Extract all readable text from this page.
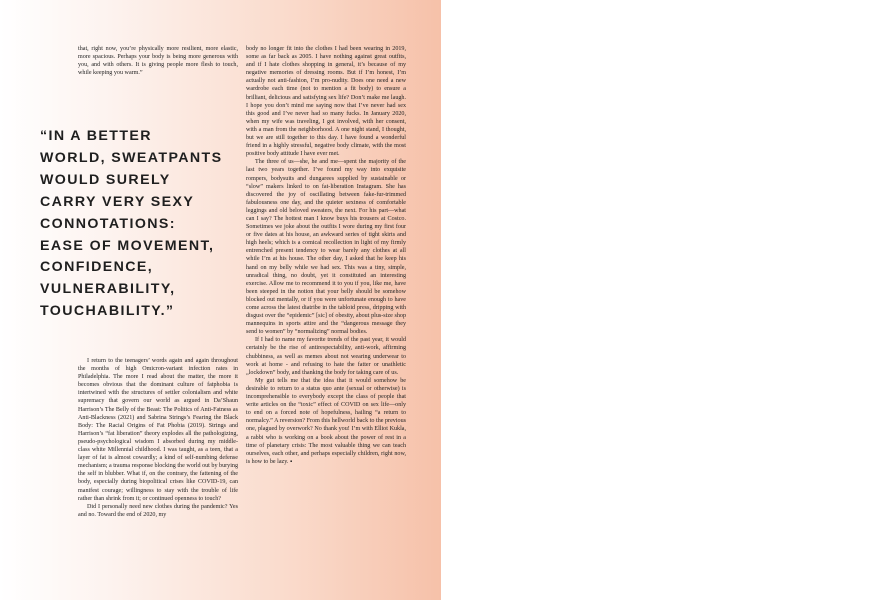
that, right now, you’re physically more resilient, more elastic, more spacious. Perhaps your body is being more generous with you, and with others. It is giving people more flesh to touch, while keeping you warm.”

“IN A BETTER
WORLD, SWEATPANTS
WOULD SURELY
CARRY VERY SEXY
CONNOTATIONS:
EASE OF MOVEMENT,
CONFIDENCE,
VULNERABILITY,
TOUCHABILITY.”

I return to the teenagers’ words again and again throughout the months of high Omicron-variant infection rates in Philadelphia. The more I read about the matter, the more it becomes obvious that the dominant culture of fatphobia is intertwined with the structures of settler colonialism and white supremacy that govern our world as argued in Da’Shaun Harrison’s The Belly of the Beast: The Politics of Anti-Fatness as Anti-Blackness (2021) and Sabrina Strings’s Fearing the Black Body: The Racial Origins of Fat Phobia (2019). Strings and Harrison’s “fat liberation” theory explodes all the pathologizing, pseudo-psychological wisdom I absorbed during my middle-class white Millennial childhood. I was taught, as a teen, that a layer of fat is almost cowardly; a kind of self-numbing defense mechanism; a trauma response blocking the world out by burying the self in blubber. What if, on the contrary, the fattening of the body, especially during biopolitical crises like COVID-19, can manifest courage; willingness to stay with the trouble of life rather than shrink from it; or continued openness to touch?

Did I personally need new clothes during the pandemic? Yes and no. Toward the end of 2020, my

body no longer fit into the clothes I had been wearing in 2019, some as far back as 2005. I have nothing against great outfits, and if I hate clothes shopping in general, it’s because of my negative memories of dressing rooms. But if I’m honest, I’m actually not anti-fashion, I’m pro-nudity. Does one need a new wardrobe each time (not to mention a fit body) to ensure a brilliant, delicious and satisfying sex life? Don’t make me laugh. I hope you don’t mind me saying now that I’ve never had sex this good and I’ve never had so many fucks. In January 2020, when my wife was traveling, I got involved, with her consent, with a man from the neighborhood. A one night stand, I thought, but we are still together to this day. I have found a wonderful friend in a highly stressful, negative body climate, with the most positive body attitude I have ever met.

The three of us—she, he and me—spent the majority of the last two years together. I’ve found my way into exquisite rompers, bodysuits and dungarees supplied by sustainable or “slow” makers linked to on fat-liberation Instagram. She has discovered the joy of oscillating between fake-fur-trimmed fabulousness one day, and the quieter sexiness of comfortable leggings and old beloved sweaters, the next. For his part—what can I say? The hottest man I know buys his trousers at Costco. Sometimes we joke about the outfits I wore during my first four or five dates at his house, an awkward series of tight skirts and high heels; which is a comical recollection in light of my firmly entrenched present tendency to wear barely any clothes at all while I’m at his house. The other day, I asked that he keep his hand on my belly while we had sex. This was a tiny, simple, unradical thing, no doubt, yet it constituted an interesting exercise. Allow me to recommend it to you if you, like me, have been steeped in the notion that your belly should be somehow blocked out mentally, or if you were unfortunate enough to have come across the latest diatribe in the tabloid press, dripping with disgust over the “epidemic” [sic] of obesity, about plus-size shop mannequins in sports attire and the “dangerous message they send to women” by “normalizing” normal bodies.

If I had to name my favorite trends of the past year, it would certainly be the rise of antirespectability, anti-work, affirming chubbiness, as well as memes about not wearing underwear to work at home - and refusing to hate the fatter or unathletic „lockdown” body, and thanking the body for taking care of us.

My gut tells me that the idea that it would somehow be desirable to return to a status quo ante (sexual or otherwise) is incomprehensible to everybody except the class of people that write articles on the “toxic” effect of COVID on sex life—only to end on a forced note of hopefulness, hailing “a return to normalcy.” A reversion? From this hellworld back to the previous one, plagued by overwork? No thank you! I’m with Elliot Kukla, a rabbi who is working on a book about the power of rest in a time of planetary crisis: The most valuable thing we can teach ourselves, each other, and perhaps especially children, right now, is how to be lazy. ▪
